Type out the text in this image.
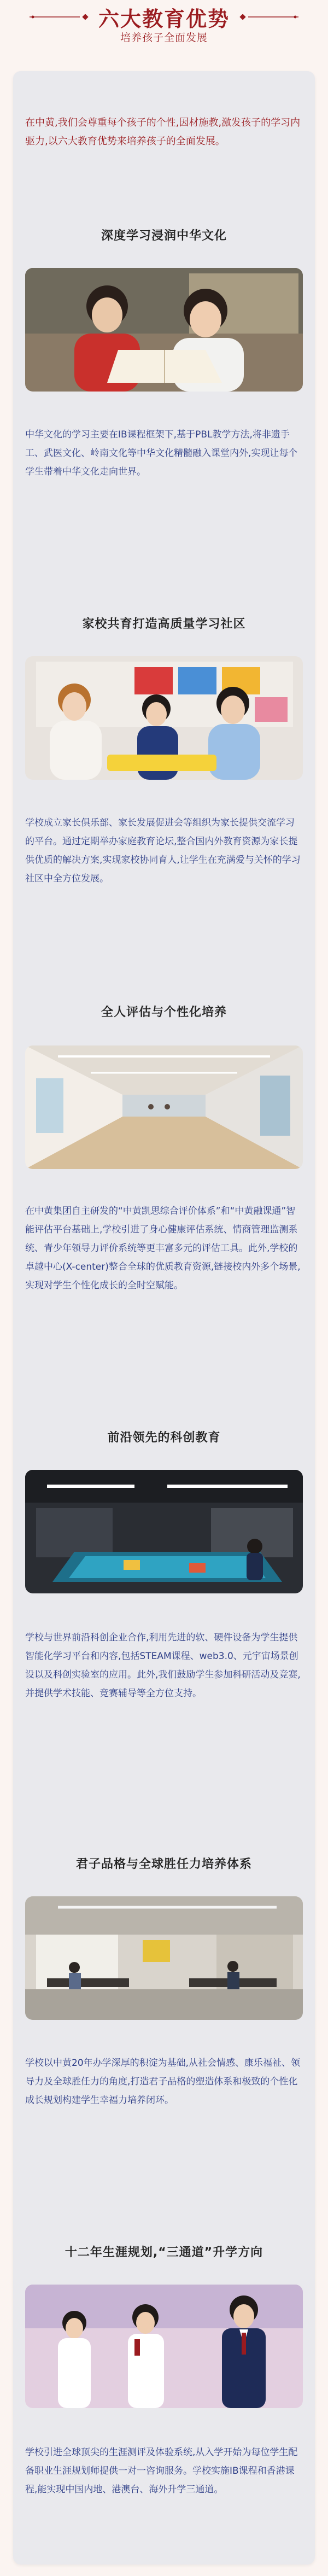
六大教育优势
培养孩子全面发展
在中黄,我们会尊重每个孩子的个性,因材施教,激发孩子的学习内驱力,以六大教育优势来培养孩子的全面发展。
深度学习浸润中华文化
中华文化的学习主要在IB课程框架下,基于PBL教学方法,将非遗手工、武医文化、岭南文化等中华文化精髓融入课堂内外,实现让每个学生带着中华文化走向世界。
家校共育打造高质量学习社区
学校成立家长俱乐部、家长发展促进会等组织为家长提供交流学习的平台。通过定期举办家庭教育论坛,整合国内外教育资源为家长提供优质的解决方案,实现家校协同育人,让学生在充满爱与关怀的学习社区中全方位发展。
全人评估与个性化培养
在中黄集团自主研发的“中黄凯思综合评价体系”和“中黄融课通”智能评估平台基础上,学校引进了身心健康评估系统、情商管理监测系统、青少年领导力评价系统等更丰富多元的评估工具。此外,学校的卓越中心(X-center)整合全球的优质教育资源,链接校内外多个场景,实现对学生个性化成长的全时空赋能。
前沿领先的科创教育
学校与世界前沿科创企业合作,利用先进的软、硬件设备为学生提供智能化学习平台和内容,包括STEAM课程、web3.0、元宇宙场景创设以及科创实验室的应用。此外,我们鼓励学生参加科研活动及竞赛,并提供学术技能、竞赛辅导等全方位支持。
君子品格与全球胜任力培养体系
学校以中黄20年办学深厚的积淀为基础,从社会情感、康乐福祉、领导力及全球胜任力的角度,打造君子品格的塑造体系和极致的个性化成长规划构建学生幸福力培养闭环。
十二年生涯规划,“三通道”升学方向
学校引进全球顶尖的生涯测评及体验系统,从入学开始为每位学生配备职业生涯规划师提供一对一咨询服务。学校实施IB课程和香港课程,能实现中国内地、港澳台、海外升学三通道。
